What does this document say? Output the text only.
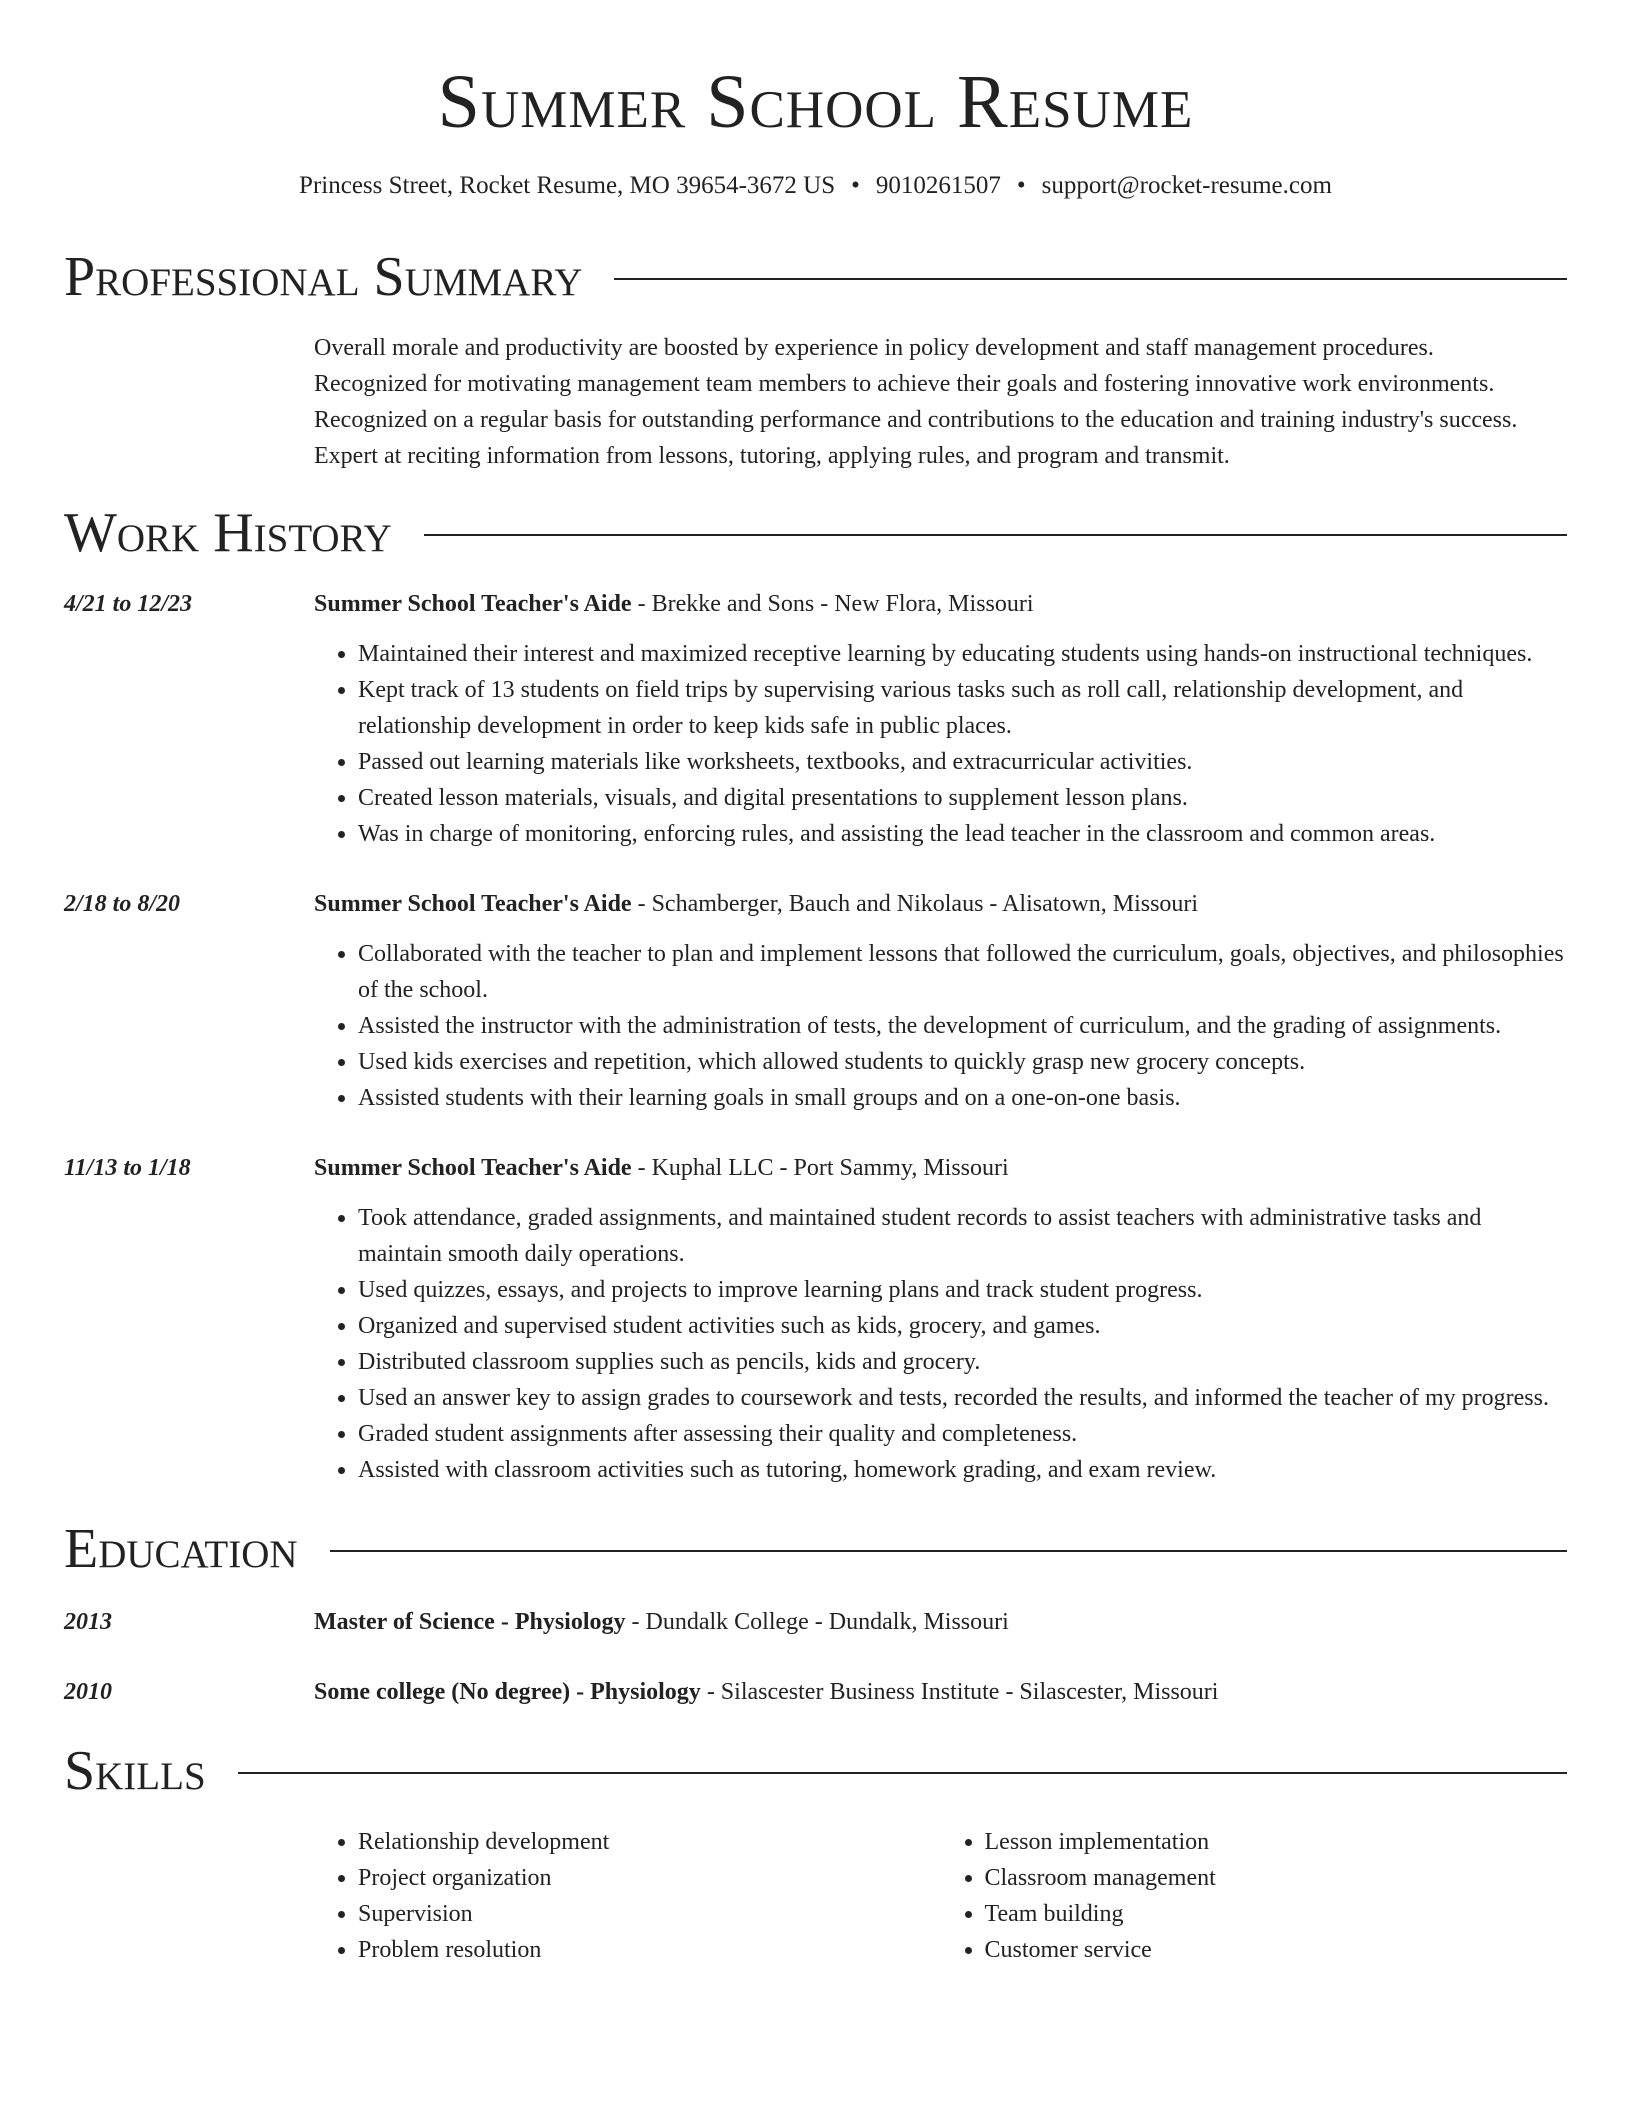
Summer School Resume
Princess Street, Rocket Resume, MO 39654-3672 US • 9010261507 • support@rocket-resume.com
Professional Summary

Overall morale and productivity are boosted by experience in policy development and staff management procedures.

Recognized for motivating management team members to achieve their goals and fostering innovative work environments.

Recognized on a regular basis for outstanding performance and contributions to the education and training industry's success.

Expert at reciting information from lessons, tutoring, applying rules, and program and transmit.

Work History
4/21 to 12/23	Summer School Teacher's Aide - Brekke and Sons - New Flora, Missouri
• Maintained their interest and maximized receptive learning by educating students using hands-on instructional techniques.
• Kept track of 13 students on field trips by supervising various tasks such as roll call, relationship development, and relationship development in order to keep kids safe in public places.
• Passed out learning materials like worksheets, textbooks, and extracurricular activities.
• Created lesson materials, visuals, and digital presentations to supplement lesson plans.
• Was in charge of monitoring, enforcing rules, and assisting the lead teacher in the classroom and common areas.
2/18 to 8/20	Summer School Teacher's Aide - Schamberger, Bauch and Nikolaus - Alisatown, Missouri
• Collaborated with the teacher to plan and implement lessons that followed the curriculum, goals, objectives, and philosophies of the school.
• Assisted the instructor with the administration of tests, the development of curriculum, and the grading of assignments.
• Used kids exercises and repetition, which allowed students to quickly grasp new grocery concepts.
• Assisted students with their learning goals in small groups and on a one-on-one basis.
11/13 to 1/18	Summer School Teacher's Aide - Kuphal LLC - Port Sammy, Missouri
• Took attendance, graded assignments, and maintained student records to assist teachers with administrative tasks and maintain smooth daily operations.
• Used quizzes, essays, and projects to improve learning plans and track student progress.
• Organized and supervised student activities such as kids, grocery, and games.
• Distributed classroom supplies such as pencils, kids and grocery.
• Used an answer key to assign grades to coursework and tests, recorded the results, and informed the teacher of my progress.
• Graded student assignments after assessing their quality and completeness.
• Assisted with classroom activities such as tutoring, homework grading, and exam review.
Education
2013	Master of Science - Physiology - Dundalk College - Dundalk, Missouri
2010	Some college (No degree) - Physiology - Silascester Business Institute - Silascester, Missouri
Skills
• Relationship development
• Project organization
• Supervision
• Problem resolution
• Lesson implementation
• Classroom management
• Team building
• Customer service
